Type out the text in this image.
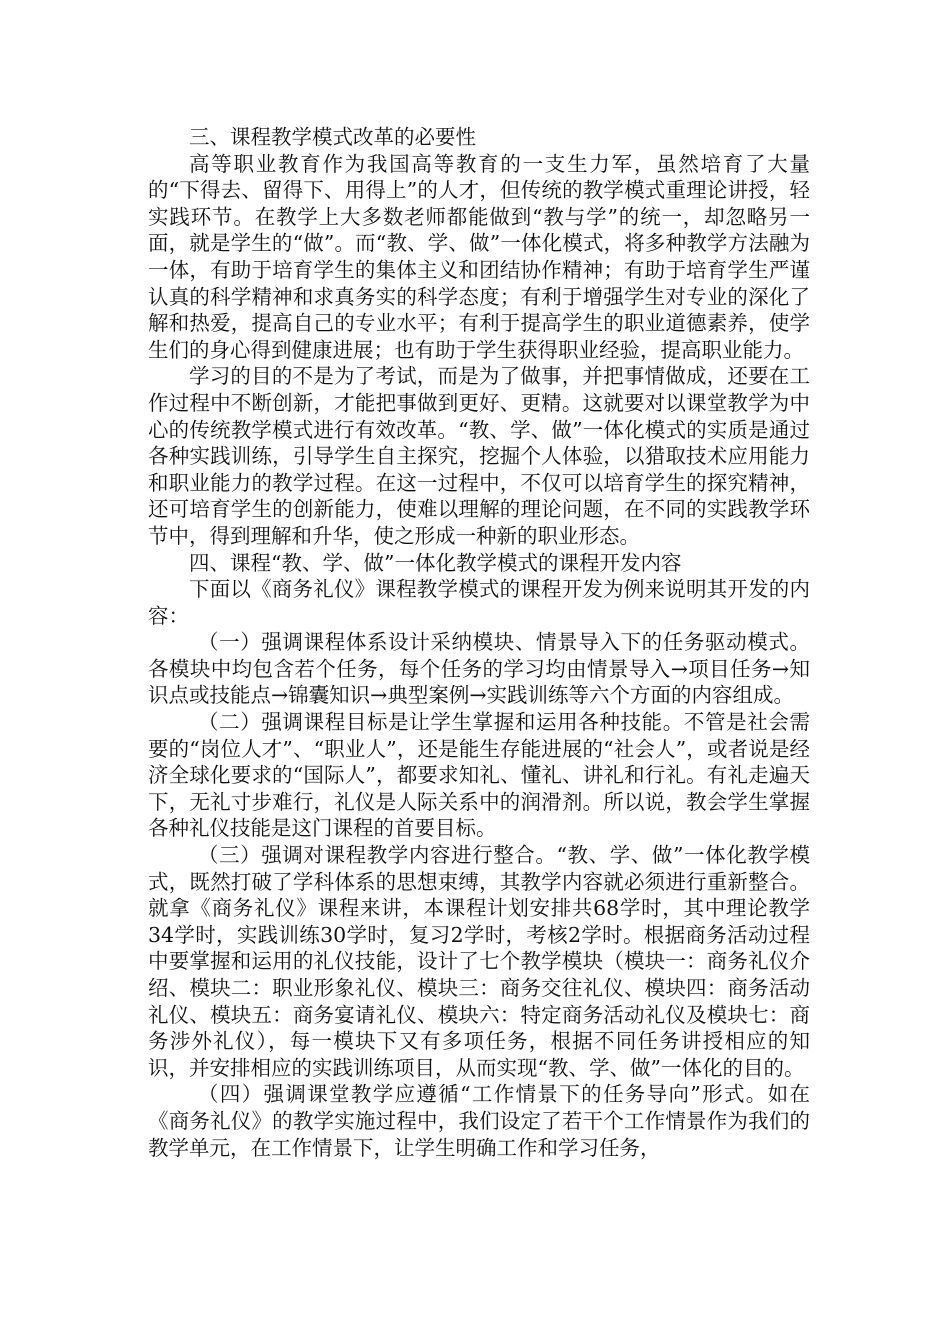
三、课程教学模式改革的必要性

高等职业教育作为我国高等教育的一支生力军，虽然培育了大量的“下得去、留得下、用得上”的人才，但传统的教学模式重理论讲授，轻实践环节。在教学上大多数老师都能做到“教与学”的统一，却忽略另一面，就是学生的“做”。而“教、学、做”一体化模式，将多种教学方法融为一体，有助于培育学生的集体主义和团结协作精神；有助于培育学生严谨认真的科学精神和求真务实的科学态度；有利于增强学生对专业的深化了解和热爱，提高自己的专业水平；有利于提高学生的职业道德素养，使学生们的身心得到健康进展；也有助于学生获得职业经验，提高职业能力。

学习的目的不是为了考试，而是为了做事，并把事情做成，还要在工作过程中不断创新，才能把事做到更好、更精。这就要对以课堂教学为中心的传统教学模式进行有效改革。“教、学、做”一体化模式的实质是通过各种实践训练，引导学生自主探究，挖掘个人体验，以猎取技术应用能力和职业能力的教学过程。在这一过程中，不仅可以培育学生的探究精神，还可培育学生的创新能力，使难以理解的理论问题，在不同的实践教学环节中，得到理解和升华，使之形成一种新的职业形态。

四、课程“教、学、做”一体化教学模式的课程开发内容

下面以《商务礼仪》课程教学模式的课程开发为例来说明其开发的内容：

（一）强调课程体系设计采纳模块、情景导入下的任务驱动模式。各模块中均包含若个任务，每个任务的学习均由情景导入→项目任务→知识点或技能点→锦囊知识→典型案例→实践训练等六个方面的内容组成。

（二）强调课程目标是让学生掌握和运用各种技能。不管是社会需要的“岗位人才”、“职业人”，还是能生存能进展的“社会人”，或者说是经济全球化要求的“国际人”，都要求知礼、懂礼、讲礼和行礼。有礼走遍天下，无礼寸步难行，礼仪是人际关系中的润滑剂。所以说，教会学生掌握各种礼仪技能是这门课程的首要目标。

（三）强调对课程教学内容进行整合。“教、学、做”一体化教学模式，既然打破了学科体系的思想束缚，其教学内容就必须进行重新整合。就拿《商务礼仪》课程来讲，本课程计划安排共68学时，其中理论教学34学时，实践训练30学时，复习2学时，考核2学时。根据商务活动过程中要掌握和运用的礼仪技能，设计了七个教学模块（模块一：商务礼仪介绍、模块二：职业形象礼仪、模块三：商务交往礼仪、模块四：商务活动礼仪、模块五：商务宴请礼仪、模块六：特定商务活动礼仪及模块七：商务涉外礼仪），每一模块下又有多项任务，根据不同任务讲授相应的知识，并安排相应的实践训练项目，从而实现“教、学、做”一体化的目的。

（四）强调课堂教学应遵循“工作情景下的任务导向”形式。如在《商务礼仪》的教学实施过程中，我们设定了若干个工作情景作为我们的教学单元，在工作情景下，让学生明确工作和学习任务，
